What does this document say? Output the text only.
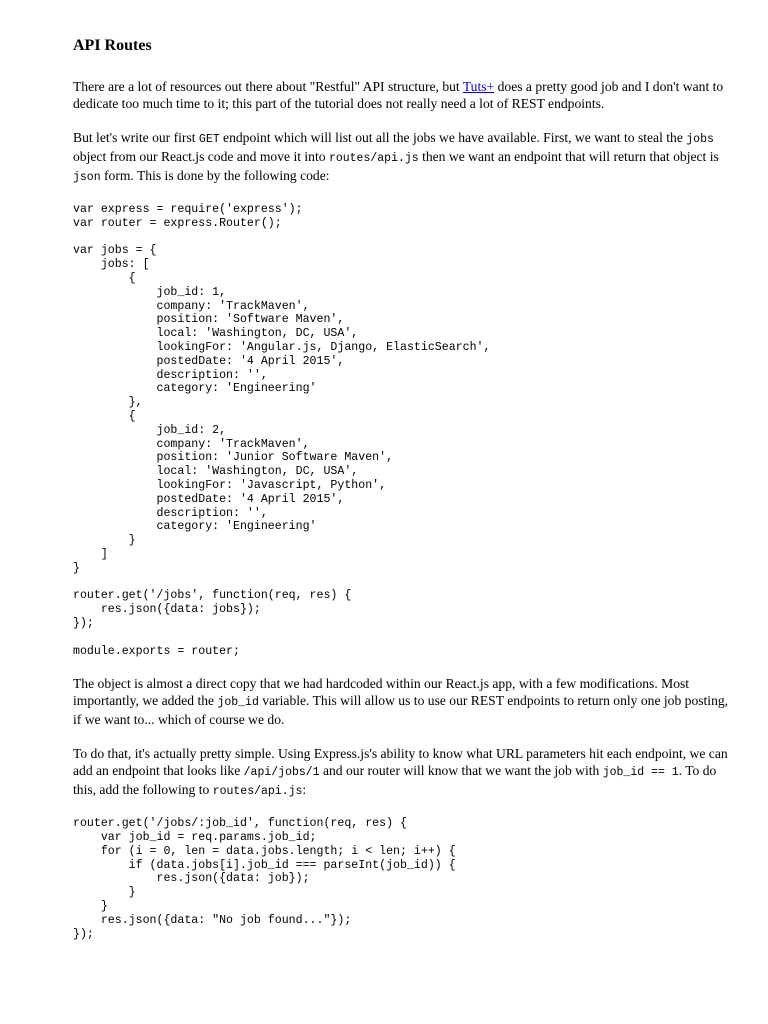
API Routes

There are a lot of resources out there about "Restful" API structure, but Tuts+ does a pretty good job and I don't want to dedicate too much time to it; this part of the tutorial does not really need a lot of REST endpoints.

But let's write our first GET endpoint which will list out all the jobs we have available. First, we want to steal the jobs object from our React.js code and move it into routes/api.js then we want an endpoint that will return that object is json form. This is done by the following code:

var express = require('express');
var router = express.Router();

var jobs = {
jobs: [
{
job_id: 1,
company: 'TrackMaven',
position: 'Software Maven',
local: 'Washington, DC, USA',
lookingFor: 'Angular.js, Django, ElasticSearch',
postedDate: '4 April 2015',
description: '',
category: 'Engineering'
},
{
job_id: 2,
company: 'TrackMaven',
position: 'Junior Software Maven',
local: 'Washington, DC, USA',
lookingFor: 'Javascript, Python',
postedDate: '4 April 2015',
description: '',
category: 'Engineering'
}
]
}

router.get('/jobs', function(req, res) {
res.json({data: jobs});
});

module.exports = router;

The object is almost a direct copy that we had hardcoded within our React.js app, with a few modifications. Most importantly, we added the job_id variable. This will allow us to use our REST endpoints to return only one job posting, if we want to... which of course we do.

To do that, it's actually pretty simple. Using Express.js's ability to know what URL parameters hit each endpoint, we can add an endpoint that looks like /api/jobs/1 and our router will know that we want the job with job_id == 1. To do this, add the following to routes/api.js:

router.get('/jobs/:job_id', function(req, res) {
var job_id = req.params.job_id;
for (i = 0, len = data.jobs.length; i < len; i++) {
if (data.jobs[i].job_id === parseInt(job_id)) {
res.json({data: job});
}
}
res.json({data: "No job found..."});
});
